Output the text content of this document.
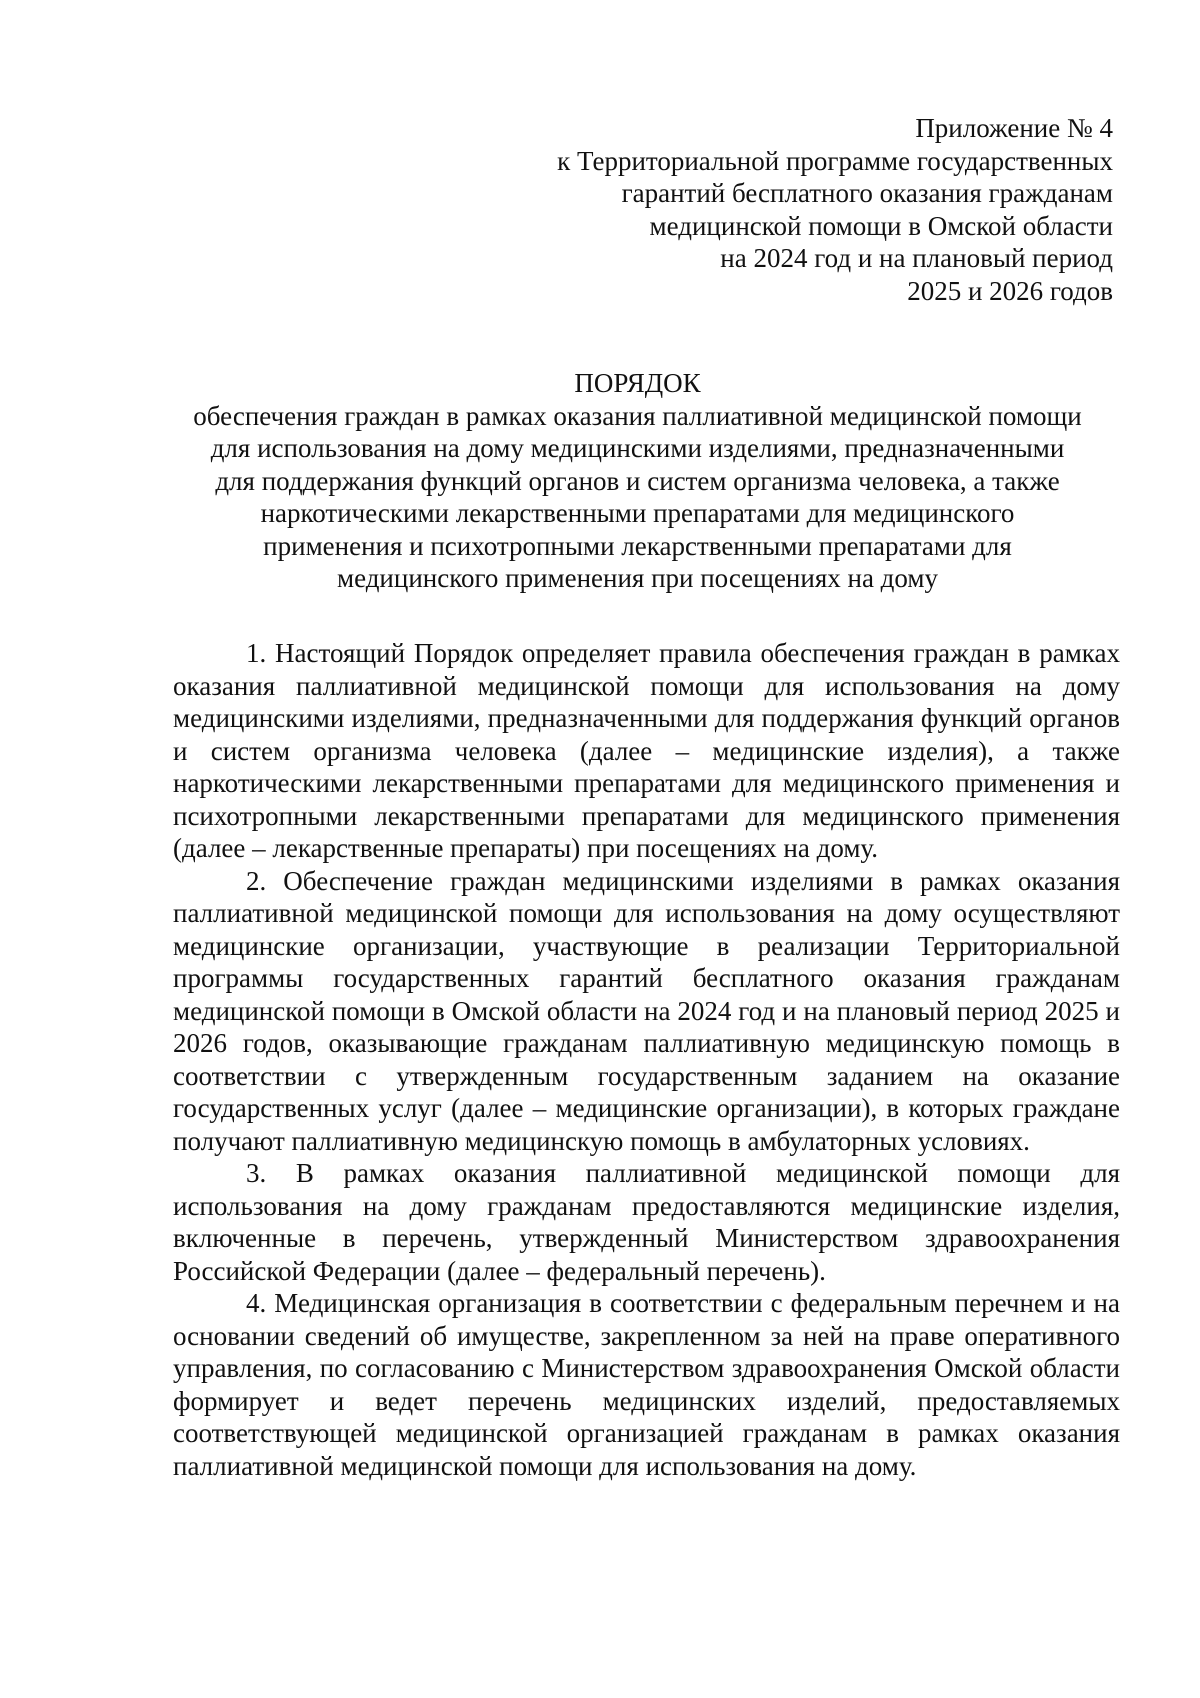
Приложение № 4
к Территориальной программе государственных
гарантий бесплатного оказания гражданам
медицинской помощи в Омской области
на 2024 год и на плановый период
2025 и 2026 годов
ПОРЯДОК
обеспечения граждан в рамках оказания паллиативной медицинской помощи
для использования на дому медицинскими изделиями, предназначенными
для поддержания функций органов и систем организма человека, а также
наркотическими лекарственными препаратами для медицинского
применения и психотропными лекарственными препаратами для
медицинского применения при посещениях на дому

1. Настоящий Порядок определяет правила обеспечения граждан в рамках оказания паллиативной медицинской помощи для использования на дому медицинскими изделиями, предназначенными для поддержания функций органов и систем организма человека (далее – медицинские изделия), а также наркотическими лекарственными препаратами для медицинского применения и психотропными лекарственными препаратами для медицинского применения (далее – лекарственные препараты) при посещениях на дому.

2. Обеспечение граждан медицинскими изделиями в рамках оказания паллиативной медицинской помощи для использования на дому осуществляют медицинские организации, участвующие в реализации Территориальной программы государственных гарантий бесплатного оказания гражданам медицинской помощи в Омской области на 2024 год и на плановый период 2025 и 2026 годов, оказывающие гражданам паллиативную медицинскую помощь в соответствии с утвержденным государственным заданием на оказание государственных услуг (далее – медицинские организации), в которых граждане получают паллиативную медицинскую помощь в амбулаторных условиях.

3. В рамках оказания паллиативной медицинской помощи для использования на дому гражданам предоставляются медицинские изделия, включенные в перечень, утвержденный Министерством здравоохранения Российской Федерации (далее – федеральный перечень).

4. Медицинская организация в соответствии с федеральным перечнем и на основании сведений об имуществе, закрепленном за ней на праве оперативного управления, по согласованию с Министерством здравоохранения Омской области формирует и ведет перечень медицинских изделий, предоставляемых соответствующей медицинской организацией гражданам в рамках оказания паллиативной медицинской помощи для использования на дому.
